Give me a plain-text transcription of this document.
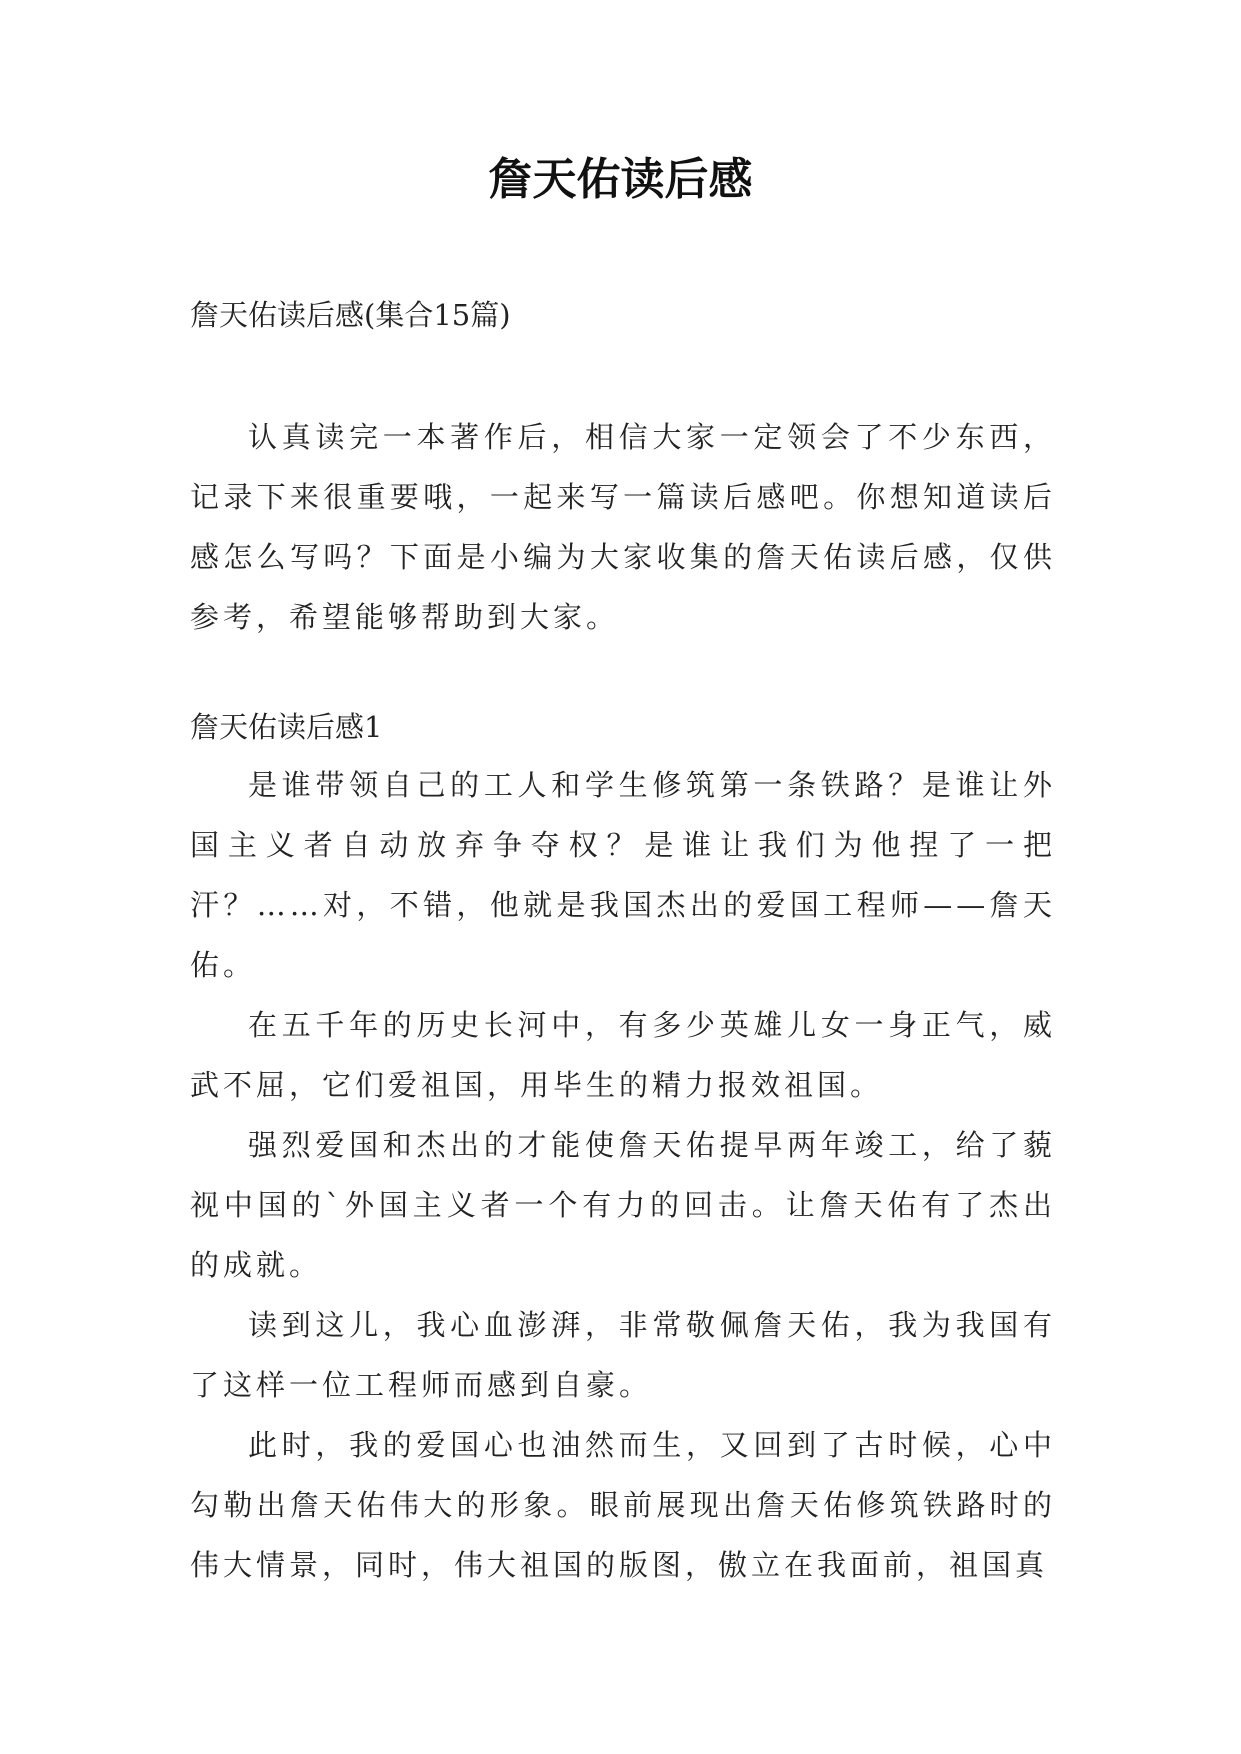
詹天佑读后感
詹天佑读后感(集合15篇)

认真读完一本著作后，相信大家一定领会了不少东西，记录下来很重要哦，一起来写一篇读后感吧。你想知道读后感怎么写吗？下面是小编为大家收集的詹天佑读后感，仅供参考，希望能够帮助到大家。

詹天佑读后感1

是谁带领自己的工人和学生修筑第一条铁路？是谁让外国主义者自动放弃争夺权？是谁让我们为他捏了一把汗？……对，不错，他就是我国杰出的爱国工程师——詹天佑。

在五千年的历史长河中，有多少英雄儿女一身正气，威武不屈，它们爱祖国，用毕生的精力报效祖国。

强烈爱国和杰出的才能使詹天佑提早两年竣工，给了藐视中国的`外国主义者一个有力的回击。让詹天佑有了杰出的成就。

读到这儿，我心血澎湃，非常敬佩詹天佑，我为我国有了这样一位工程师而感到自豪。

此时，我的爱国心也油然而生，又回到了古时候，心中勾勒出詹天佑伟大的形象。眼前展现出詹天佑修筑铁路时的伟大情景，同时，伟大祖国的版图，傲立在我面前，祖国真
